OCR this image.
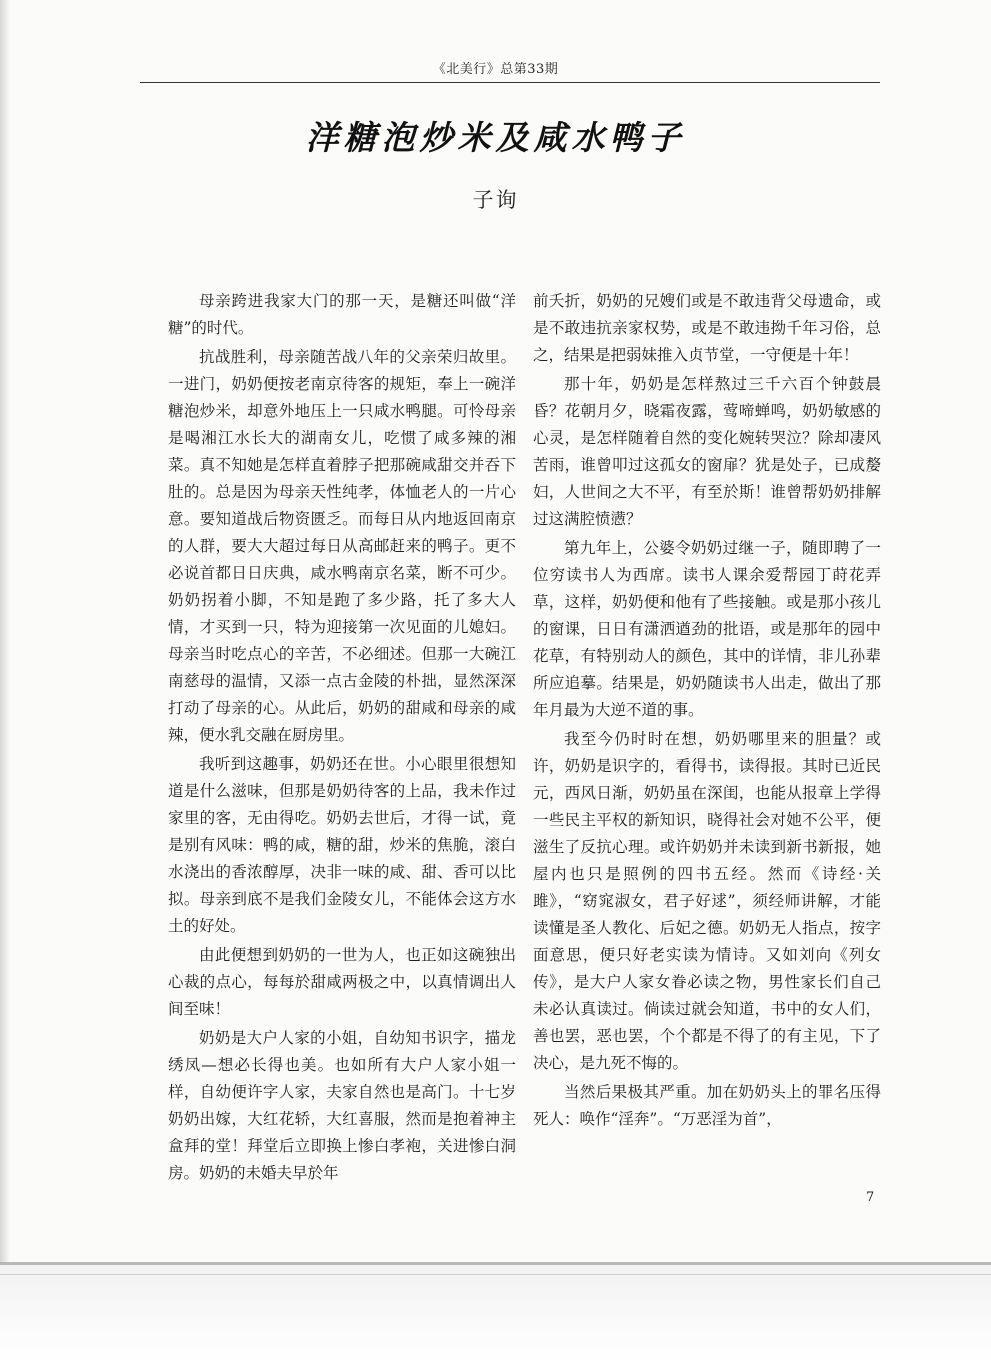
《北美行》总第33期
洋糖泡炒米及咸水鸭子
子询

母亲跨进我家大门的那一天，是糖还叫做“洋糖”的时代。

抗战胜利，母亲随苦战八年的父亲荣归故里。一进门，奶奶便按老南京待客的规矩，奉上一碗洋糖泡炒米，却意外地压上一只咸水鸭腿。可怜母亲是喝湘江水长大的湖南女儿，吃惯了咸多辣的湘菜。真不知她是怎样直着脖子把那碗咸甜交并吞下肚的。总是因为母亲天性纯孝，体恤老人的一片心意。要知道战后物资匮乏。而每日从内地返回南京的人群，要大大超过每日从高邮赶来的鸭子。更不必说首都日日庆典，咸水鸭南京名菜，断不可少。奶奶拐着小脚，不知是跑了多少路，托了多大人情，才买到一只，特为迎接第一次见面的儿媳妇。母亲当时吃点心的辛苦，不必细述。但那一大碗江南慈母的温情，又添一点古金陵的朴拙，显然深深打动了母亲的心。从此后，奶奶的甜咸和母亲的咸辣，便水乳交融在厨房里。

我听到这趣事，奶奶还在世。小心眼里很想知道是什么滋味，但那是奶奶待客的上品，我未作过家里的客，无由得吃。奶奶去世后，才得一试，竟是别有风味：鸭的咸，糖的甜，炒米的焦脆，滚白水浇出的香浓醇厚，决非一味的咸、甜、香可以比拟。母亲到底不是我们金陵女儿，不能体会这方水土的好处。

由此便想到奶奶的一世为人，也正如这碗独出心裁的点心，每每於甜咸两极之中，以真情调出人间至味！

奶奶是大户人家的小姐，自幼知书识字，描龙绣凤—想必长得也美。也如所有大户人家小姐一样，自幼便许字人家，夫家自然也是高门。十七岁奶奶出嫁，大红花轿，大红喜服，然而是抱着神主盒拜的堂！拜堂后立即换上惨白孝袍，关进惨白洞房。奶奶的未婚夫早於年

前夭折，奶奶的兄嫂们或是不敢违背父母遗命，或是不敢违抗亲家权势，或是不敢违拗千年习俗，总之，结果是把弱妹推入贞节堂，一守便是十年！

那十年，奶奶是怎样熬过三千六百个钟鼓晨昏？花朝月夕，晓霜夜露，莺啼蝉鸣，奶奶敏感的心灵，是怎样随着自然的变化婉转哭泣？除却凄风苦雨，谁曾叩过这孤女的窗扉？犹是处子，已成嫠妇，人世间之大不平，有至於斯！谁曾帮奶奶排解过这满腔愤懑？

第九年上，公婆令奶奶过继一子，随即聘了一位穷读书人为西席。读书人课余爱帮园丁莳花弄草，这样，奶奶便和他有了些接触。或是那小孩儿的窗课，日日有潇洒遒劲的批语，或是那年的园中花草，有特别动人的颜色，其中的详情，非儿孙辈所应追摹。结果是，奶奶随读书人出走，做出了那年月最为大逆不道的事。

我至今仍时时在想，奶奶哪里来的胆量？或许，奶奶是识字的，看得书，读得报。其时已近民元，西风日渐，奶奶虽在深闺，也能从报章上学得一些民主平权的新知识，晓得社会对她不公平，便滋生了反抗心理。或许奶奶并未读到新书新报，她屋内也只是照例的四书五经。然而《诗经·关雎》，“窈窕淑女，君子好逑”，须经师讲解，才能读懂是圣人教化、后妃之德。奶奶无人指点，按字面意思，便只好老实读为情诗。又如刘向《列女传》，是大户人家女眷必读之物，男性家长们自己未必认真读过。倘读过就会知道，书中的女人们，善也罢，恶也罢，个个都是不得了的有主见，下了决心，是九死不悔的。

当然后果极其严重。加在奶奶头上的罪名压得死人：唤作“淫奔”。“万恶淫为首”，

7
